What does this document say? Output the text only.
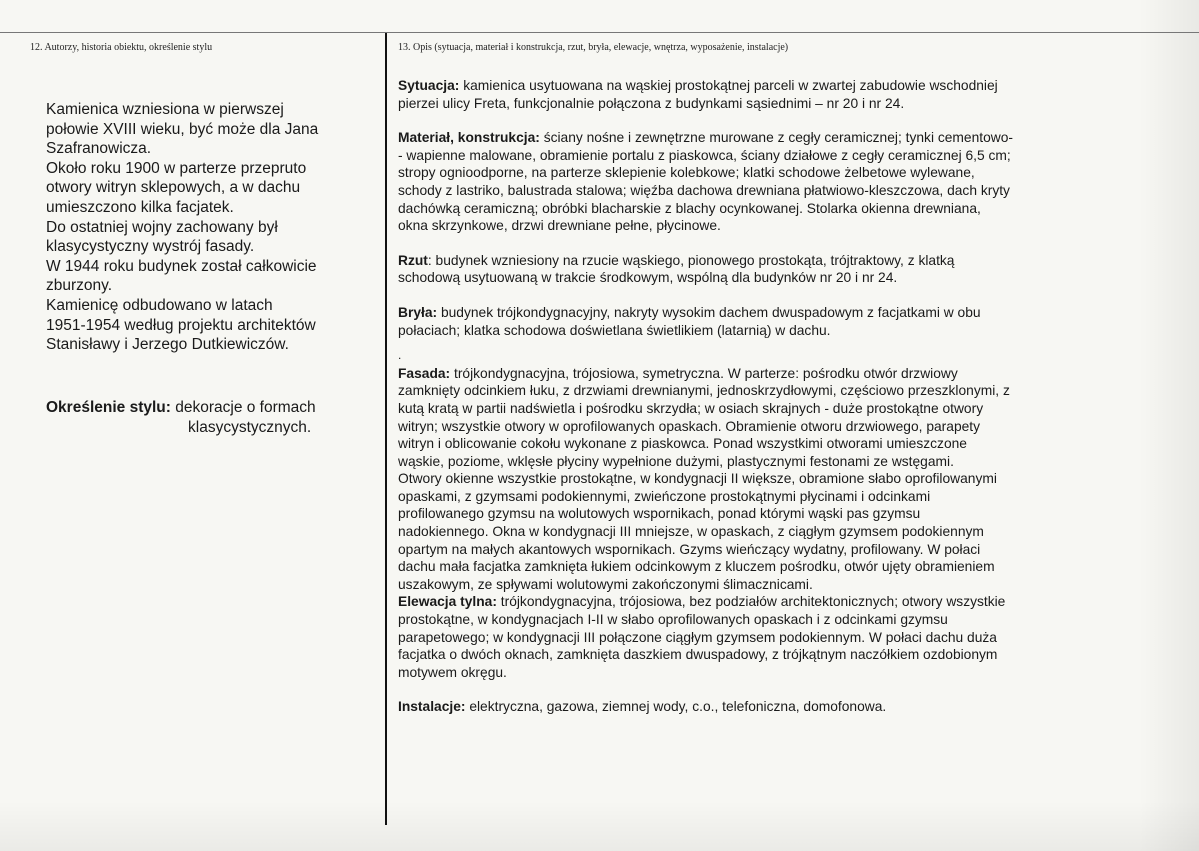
12. Autorzy, historia obiektu, określenie stylu	13. Opis (sytuacja, materiał i konstrukcja, rzut, bryła, elewacje, wnętrza, wyposażenie, instalacje)

Kamienica wzniesiona w pierwszej

połowie XVIII wieku, być może dla Jana

Szafranowicza.

Około roku 1900 w parterze przeprutо

otwory witryn sklepowych, a w dachu

umieszczono kilka facjatek.

Do ostatniej wojny zachowany był

klasycystyczny wystrój fasady.

W 1944 roku budynek został całkowicie

zburzony.

Kamienicę odbudowano w latach

1951-1954 według projektu architektów

Stanisławy i Jerzego Dutkiewiczów.

Określenie stylu: dekoracje o formach
klasycystycznych.

Sytuacja: kamienica usytuowana na wąskiej prostokątnej parceli w zwartej zabudowie wschodniej

pierzei ulicy Freta, funkcjonalnie połączona z budynkami sąsiednimi – nr 20 i nr 24.

Materiał, konstrukcja: ściany nośne i zewnętrzne murowane z cegły ceramicznej; tynki cementowo-

- wapienne malowane, obramienie portalu z piaskowca, ściany działowe z cegły ceramicznej 6,5 cm;

stropy ognioodporne, na parterze sklepienie kolebkowe; klatki schodowe żelbetowe wylewane,

schody z lastriko, balustrada stalowa; więźba dachowa drewniana płatwiowo-kleszczowa, dach kryty

dachówką ceramiczną; obróbki blacharskie z blachy ocynkowanej. Stolarka okienna drewniana,

okna skrzynkowe, drzwi drewniane pełne, płycinowe.

Rzut: budynek wzniesiony na rzucie wąskiego, pionowego prostokąta, trójtraktowy, z klatką

schodową usytuowaną w trakcie środkowym, wspólną dla budynków nr 20 i nr 24.

Bryła: budynek trójkondygnacyjny, nakryty wysokim dachem dwuspadowym z facjatkami w obu

połaciach; klatka schodowa doświetlana świetlikiem (latarnią) w dachu.

.

Fasada: trójkondygnacyjna, trójosiowa, symetryczna. W parterze: pośrodku otwór drzwiowy

zamknięty odcinkiem łuku, z drzwiami drewnianymi, jednoskrzydłowymi, częściowo przeszklonymi, z

kutą kratą w partii nadświetla i pośrodku skrzydła; w osiach skrajnych - duże prostokątne otwory

witryn; wszystkie otwory w oprofilowanych opaskach. Obramienie otworu drzwiowego, parapety

witryn i oblicowanie cokołu wykonane z piaskowca. Ponad wszystkimi otworami umieszczone

wąskie, poziome, wklęsłe płyciny wypełnione dużymi, plastycznymi festonami ze wstęgami.

Otwory okienne wszystkie prostokątne, w kondygnacji II większe, obramione słabo oprofilowanymi

opaskami, z gzymsami podokiennymi, zwieńczone prostokątnymi płycinami i odcinkami

profilowanego gzymsu na wolutowych wspornikach, ponad którymi wąski pas gzymsu

nadokiennego. Okna w kondygnacji III mniejsze, w opaskach, z ciągłym gzymsem podokiennym

opartym na małych akantowych wspornikach. Gzyms wieńczący wydatny, profilowany. W połaci

dachu mała facjatka zamknięta łukiem odcinkowym z kluczem pośrodku, otwór ujęty obramieniem

uszakowym, ze spływami wolutowymi zakończonymi ślimacznicami.

Elewacja tylna: trójkondygnacyjna, trójosiowa, bez podziałów architektonicznych; otwory wszystkie

prostokątne, w kondygnacjach I-II w słabo oprofilowanych opaskach i z odcinkami gzymsu

parapetowego; w kondygnacji III połączone ciągłym gzymsem podokiennym. W połaci dachu duża

facjatka o dwóch oknach, zamknięta daszkiem dwuspadowy, z trójkątnym naczółkiem ozdobionym

motywem okręgu.

Instalacje: elektryczna, gazowa, ziemnej wody, c.o., telefoniczna, domofonowa.
